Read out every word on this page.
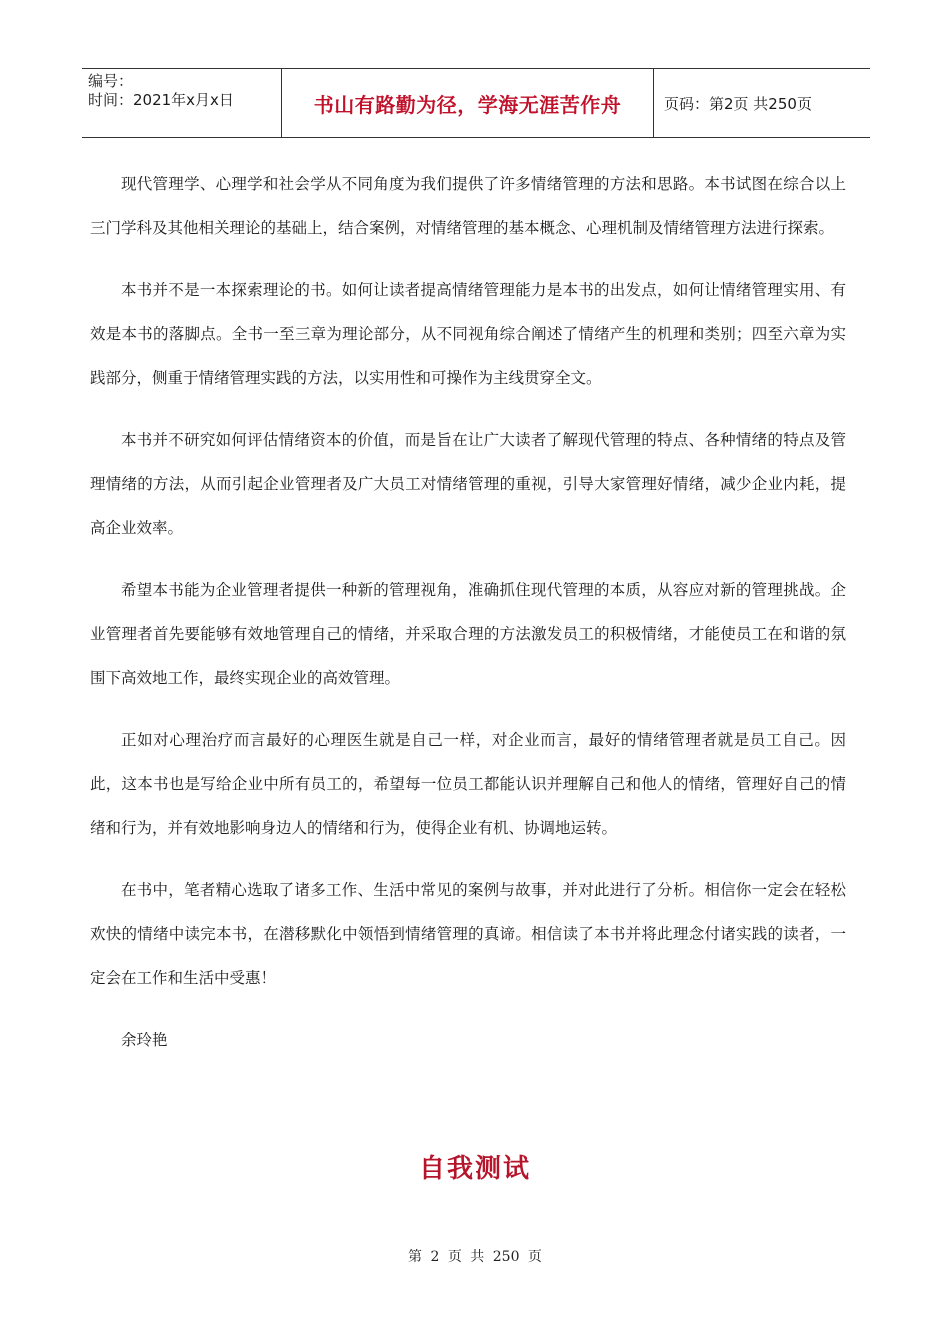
编号：
时间：2021年x月x日	书山有路勤为径，学海无涯苦作舟	页码：第2页 共250页

现代管理学、心理学和社会学从不同角度为我们提供了许多情绪管理的方法和思路。本书试图在综合以上三门学科及其他相关理论的基础上，结合案例，对情绪管理的基本概念、心理机制及情绪管理方法进行探索。

本书并不是一本探索理论的书。如何让读者提高情绪管理能力是本书的出发点，如何让情绪管理实用、有效是本书的落脚点。全书一至三章为理论部分，从不同视角综合阐述了情绪产生的机理和类别；四至六章为实践部分，侧重于情绪管理实践的方法，以实用性和可操作为主线贯穿全文。

本书并不研究如何评估情绪资本的价值，而是旨在让广大读者了解现代管理的特点、各种情绪的特点及管理情绪的方法，从而引起企业管理者及广大员工对情绪管理的重视，引导大家管理好情绪，减少企业内耗，提高企业效率。

希望本书能为企业管理者提供一种新的管理视角，准确抓住现代管理的本质，从容应对新的管理挑战。企业管理者首先要能够有效地管理自己的情绪，并采取合理的方法激发员工的积极情绪，才能使员工在和谐的氛围下高效地工作，最终实现企业的高效管理。

正如对心理治疗而言最好的心理医生就是自己一样，对企业而言，最好的情绪管理者就是员工自己。因此，这本书也是写给企业中所有员工的，希望每一位员工都能认识并理解自己和他人的情绪，管理好自己的情绪和行为，并有效地影响身边人的情绪和行为，使得企业有机、协调地运转。

在书中，笔者精心选取了诸多工作、生活中常见的案例与故事，并对此进行了分析。相信你一定会在轻松欢快的情绪中读完本书，在潜移默化中领悟到情绪管理的真谛。相信读了本书并将此理念付诸实践的读者，一定会在工作和生活中受惠！

余玲艳

自我测试
第 2 页 共 250 页
